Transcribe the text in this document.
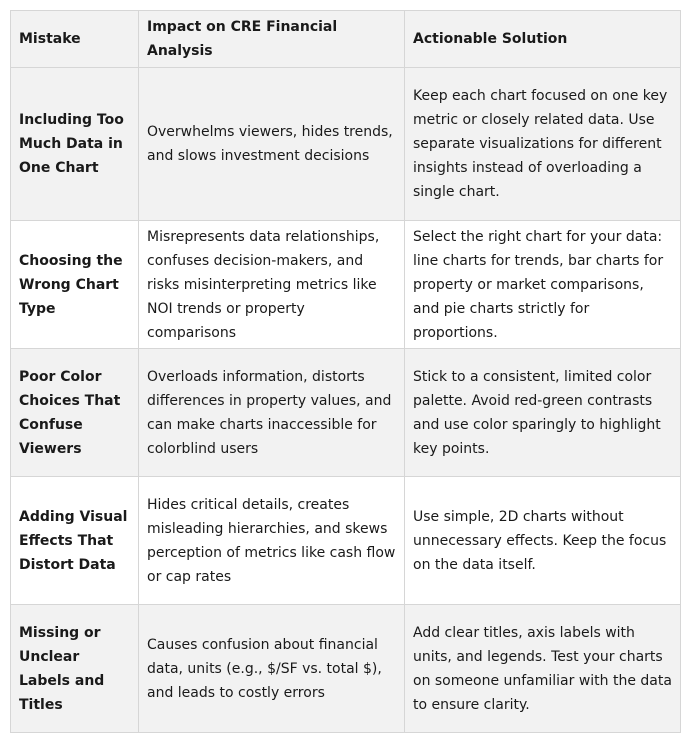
Mistake	Impact on CRE Financial Analysis	Actionable Solution
Including Too Much Data in One Chart	Overwhelms viewers, hides trends, and slows investment decisions	Keep each chart focused on one key metric or closely related data. Use separate visualizations for different insights instead of overloading a single chart.
Choosing the Wrong Chart Type	Misrepresents data relationships, confuses decision-makers, and risks misinterpreting metrics like NOI trends or property comparisons	Select the right chart for your data: line charts for trends, bar charts for property or market comparisons, and pie charts strictly for proportions.
Poor Color Choices That Confuse Viewers	Overloads information, distorts differences in property values, and can make charts inaccessible for colorblind users	Stick to a consistent, limited color palette. Avoid red-green contrasts and use color sparingly to highlight key points.
Adding Visual Effects That Distort Data	Hides critical details, creates misleading hierarchies, and skews perception of metrics like cash flow or cap rates	Use simple, 2D charts without unnecessary effects. Keep the focus on the data itself.
Missing or Unclear Labels and Titles	Causes confusion about financial data, units (e.g., $/SF vs. total $), and leads to costly errors	Add clear titles, axis labels with units, and legends. Test your charts on someone unfamiliar with the data to ensure clarity.
